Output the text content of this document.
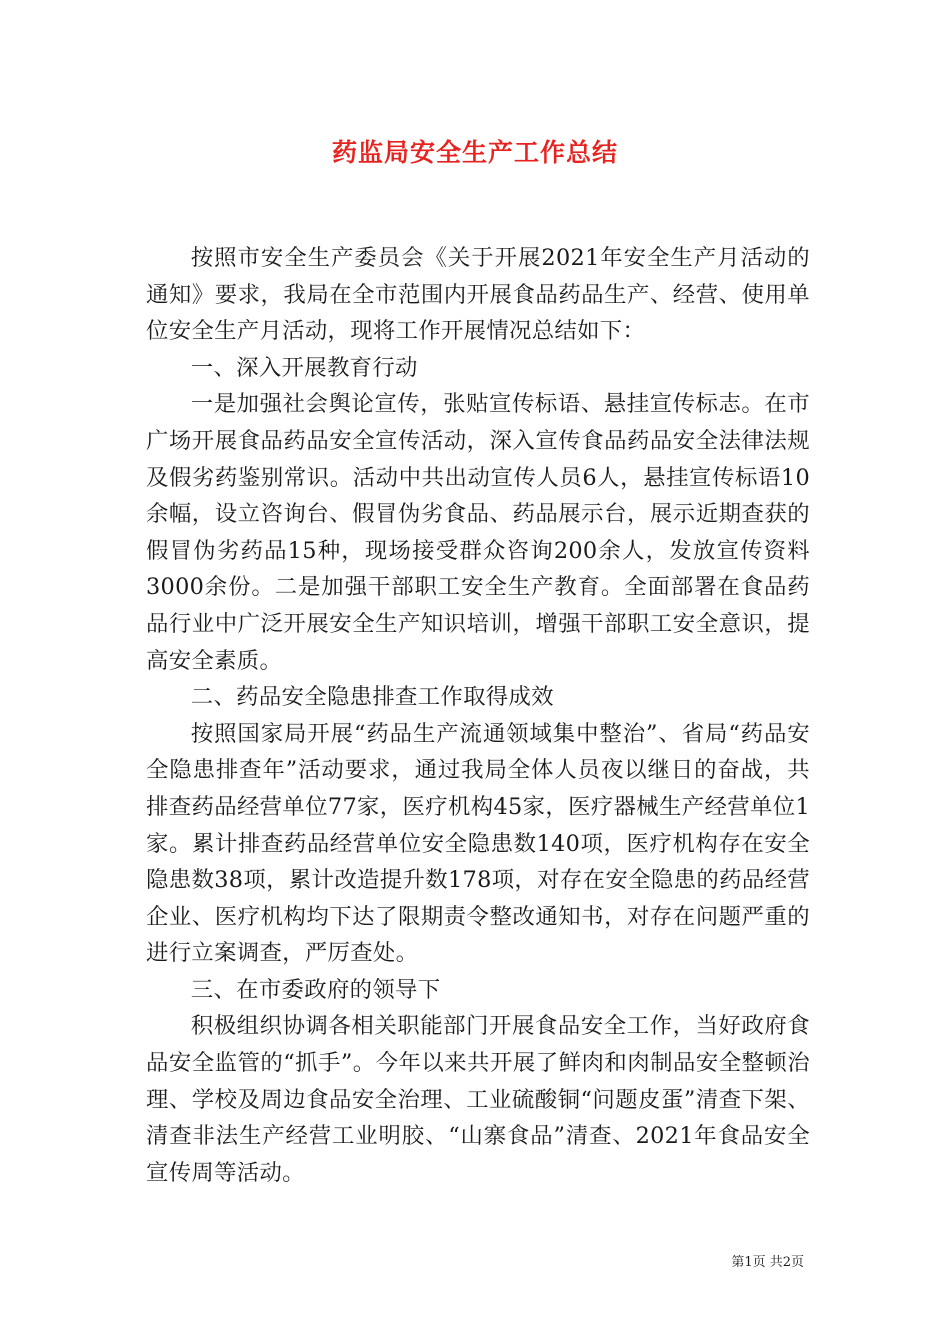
药监局安全生产工作总结

按照市安全生产委员会《关于开展2021年安全生产月活动的通知》要求，我局在全市范围内开展食品药品生产、经营、使用单位安全生产月活动，现将工作开展情况总结如下：

一、深入开展教育行动

一是加强社会舆论宣传，张贴宣传标语、悬挂宣传标志。在市广场开展食品药品安全宣传活动，深入宣传食品药品安全法律法规及假劣药鉴别常识。活动中共出动宣传人员6人，悬挂宣传标语10余幅，设立咨询台、假冒伪劣食品、药品展示台，展示近期查获的假冒伪劣药品15种，现场接受群众咨询200余人，发放宣传资料3000余份。二是加强干部职工安全生产教育。全面部署在食品药品行业中广泛开展安全生产知识培训，增强干部职工安全意识，提高安全素质。

二、药品安全隐患排查工作取得成效

按照国家局开展“药品生产流通领域集中整治”、省局“药品安全隐患排查年”活动要求，通过我局全体人员夜以继日的奋战，共排查药品经营单位77家，医疗机构45家，医疗器械生产经营单位1家。累计排查药品经营单位安全隐患数140项，医疗机构存在安全隐患数38项，累计改造提升数178项，对存在安全隐患的药品经营企业、医疗机构均下达了限期责令整改通知书，对存在问题严重的进行立案调查，严厉查处。

三、在市委政府的领导下

积极组织协调各相关职能部门开展食品安全工作，当好政府食品安全监管的“抓手”。今年以来共开展了鲜肉和肉制品安全整顿治理、学校及周边食品安全治理、工业硫酸铜“问题皮蛋”清查下架、清查非法生产经营工业明胶、“山寨食品”清查、2021年食品安全宣传周等活动。

第1页 共2页
